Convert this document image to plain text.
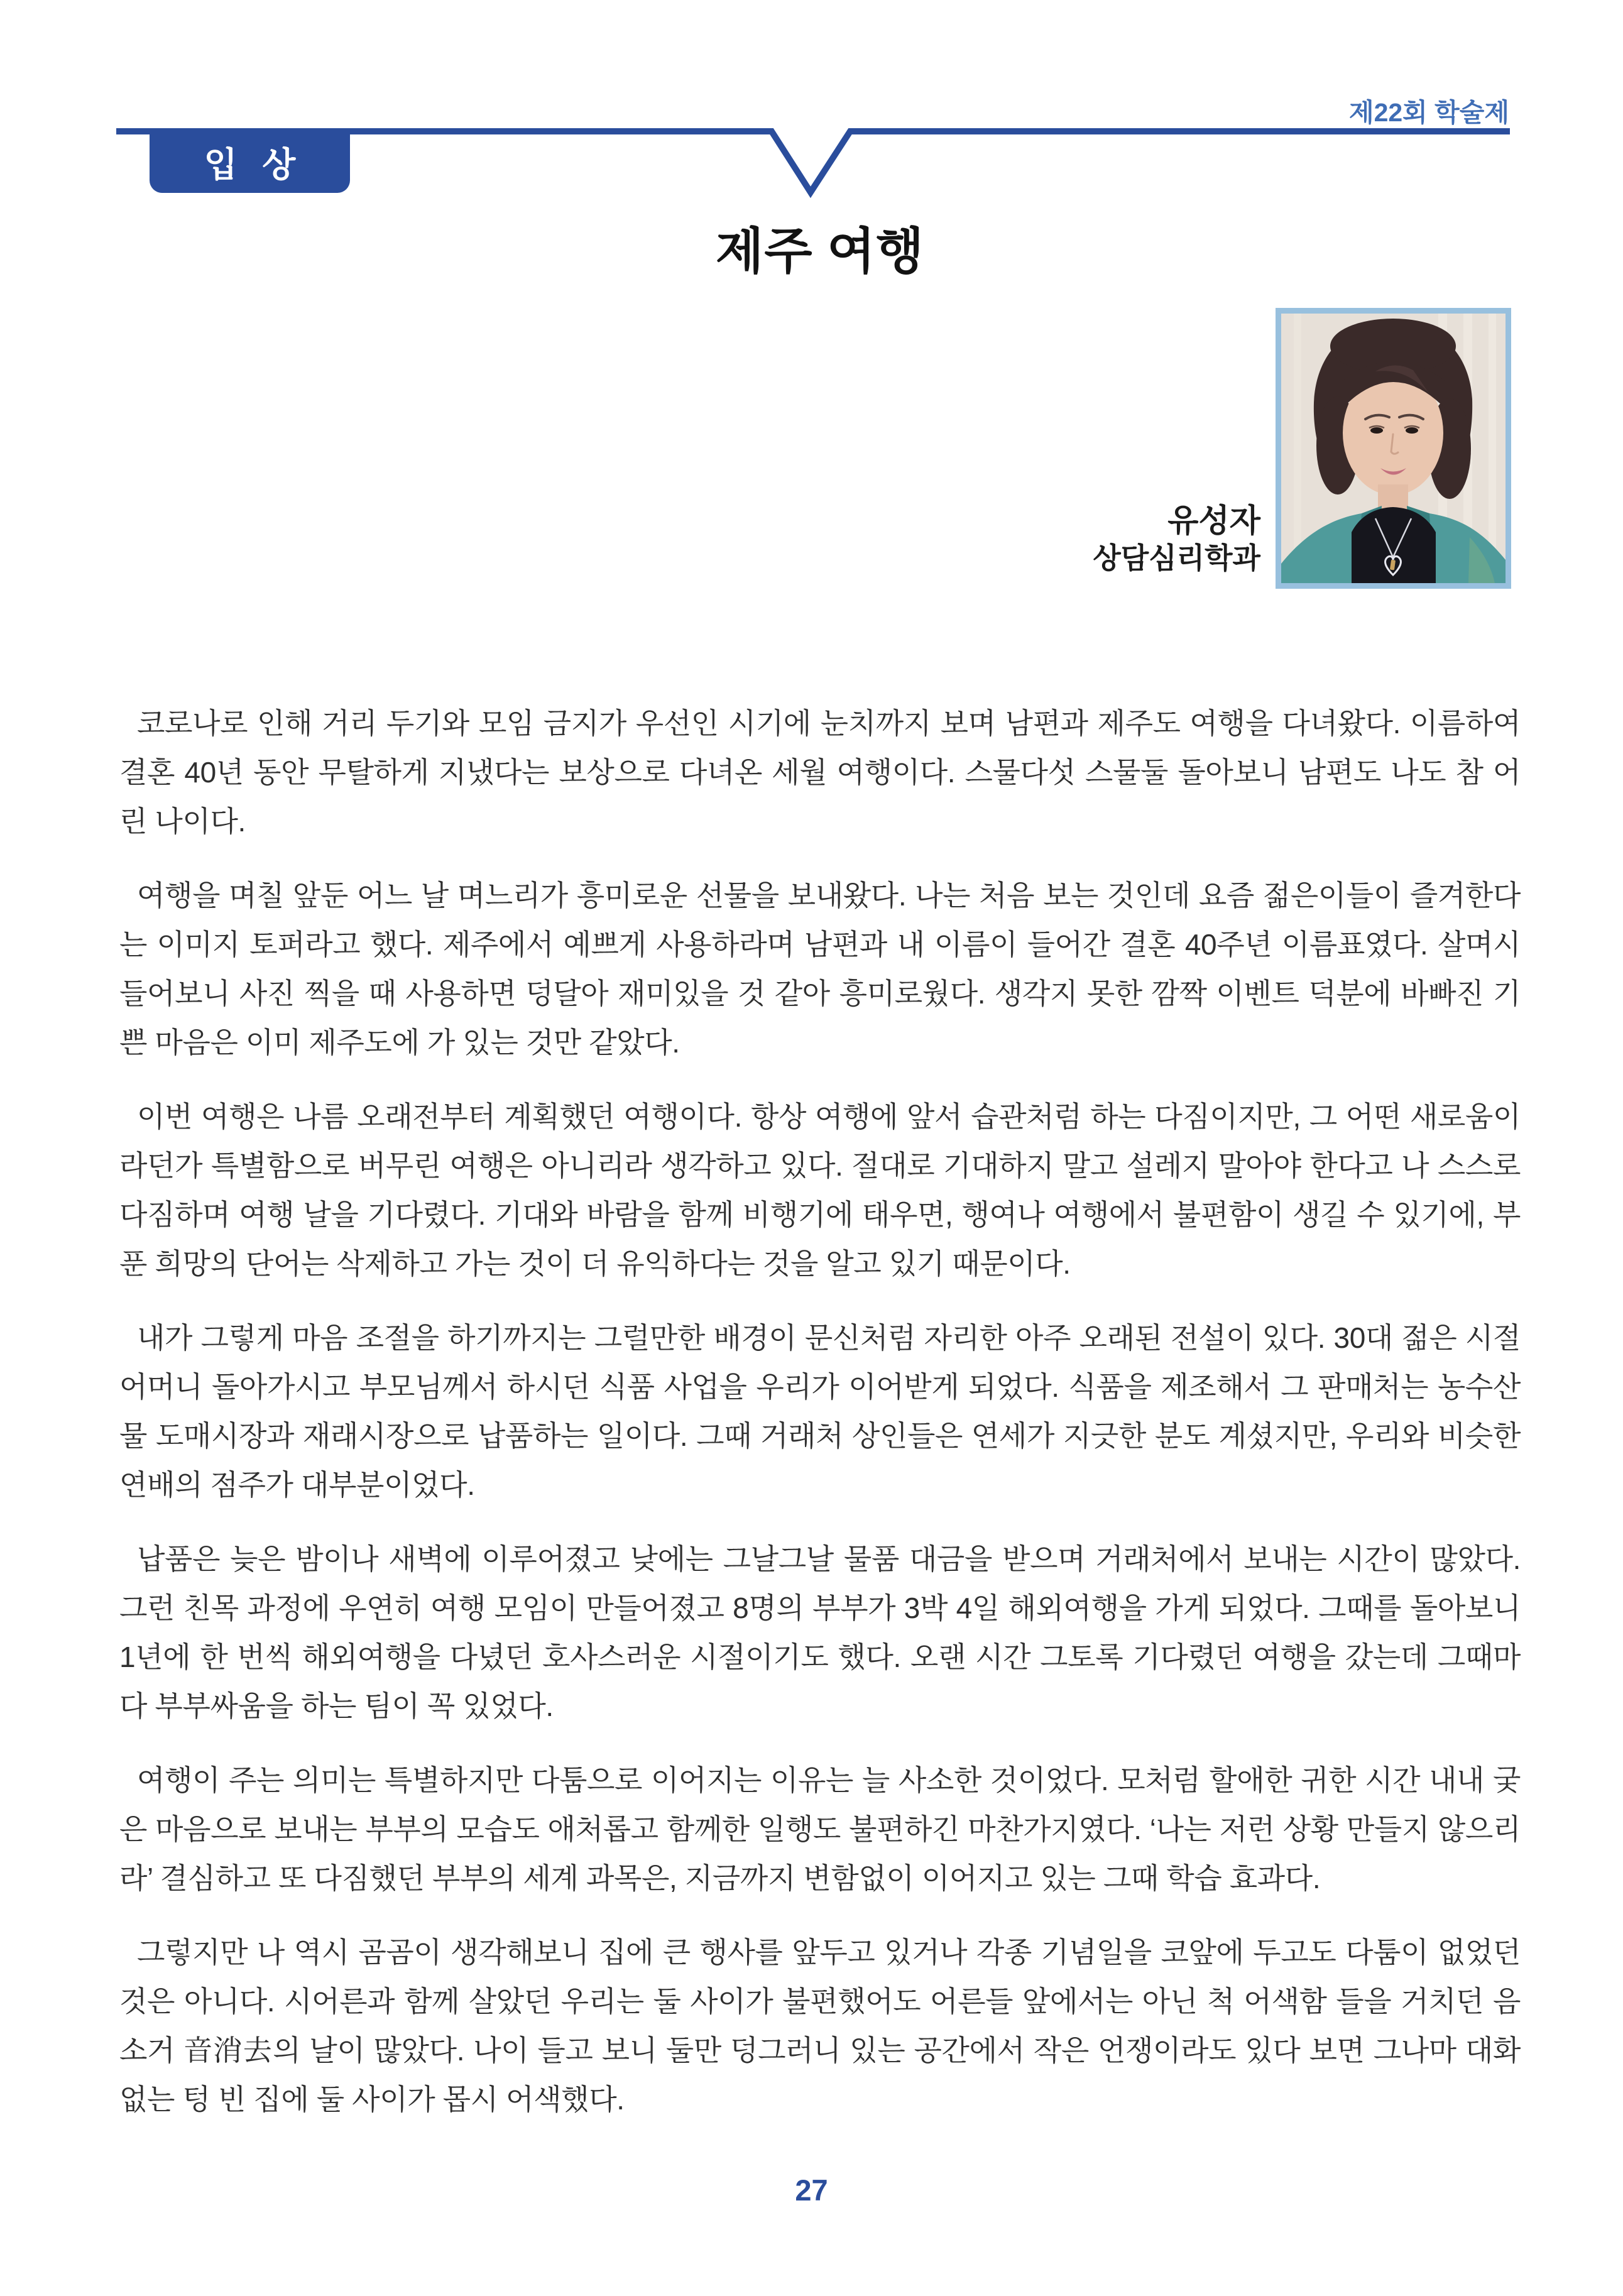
제22회 학술제
입 상
제주 여행
유성자
상담심리학과

코로나로 인해 거리 두기와 모임 금지가 우선인 시기에 눈치까지 보며 남편과 제주도 여행을 다녀왔다. 이름하여 결혼 40년 동안 무탈하게 지냈다는 보상으로 다녀온 세월 여행이다. 스물다섯 스물둘 돌아보니 남편도 나도 참 어린 나이다.

여행을 며칠 앞둔 어느 날 며느리가 흥미로운 선물을 보내왔다. 나는 처음 보는 것인데 요즘 젊은이들이 즐겨한다는 이미지 토퍼라고 했다. 제주에서 예쁘게 사용하라며 남편과 내 이름이 들어간 결혼 40주년 이름표였다. 살며시 들어보니 사진 찍을 때 사용하면 덩달아 재미있을 것 같아 흥미로웠다. 생각지 못한 깜짝 이벤트 덕분에 바빠진 기쁜 마음은 이미 제주도에 가 있는 것만 같았다.

이번 여행은 나름 오래전부터 계획했던 여행이다. 항상 여행에 앞서 습관처럼 하는 다짐이지만, 그 어떤 새로움이라던가 특별함으로 버무린 여행은 아니리라 생각하고 있다. 절대로 기대하지 말고 설레지 말아야 한다고 나 스스로 다짐하며 여행 날을 기다렸다. 기대와 바람을 함께 비행기에 태우면, 행여나 여행에서 불편함이 생길 수 있기에, 부푼 희망의 단어는 삭제하고 가는 것이 더 유익하다는 것을 알고 있기 때문이다.

내가 그렇게 마음 조절을 하기까지는 그럴만한 배경이 문신처럼 자리한 아주 오래된 전설이 있다. 30대 젊은 시절 어머니 돌아가시고 부모님께서 하시던 식품 사업을 우리가 이어받게 되었다. 식품을 제조해서 그 판매처는 농수산물 도매시장과 재래시장으로 납품하는 일이다. 그때 거래처 상인들은 연세가 지긋한 분도 계셨지만, 우리와 비슷한 연배의 점주가 대부분이었다.

납품은 늦은 밤이나 새벽에 이루어졌고 낮에는 그날그날 물품 대금을 받으며 거래처에서 보내는 시간이 많았다. 그런 친목 과정에 우연히 여행 모임이 만들어졌고 8명의 부부가 3박 4일 해외여행을 가게 되었다. 그때를 돌아보니 1년에 한 번씩 해외여행을 다녔던 호사스러운 시절이기도 했다. 오랜 시간 그토록 기다렸던 여행을 갔는데 그때마다 부부싸움을 하는 팀이 꼭 있었다.

여행이 주는 의미는 특별하지만 다툼으로 이어지는 이유는 늘 사소한 것이었다. 모처럼 할애한 귀한 시간 내내 궂은 마음으로 보내는 부부의 모습도 애처롭고 함께한 일행도 불편하긴 마찬가지였다. ‘나는 저런 상황 만들지 않으리라’ 결심하고 또 다짐했던 부부의 세계 과목은, 지금까지 변함없이 이어지고 있는 그때 학습 효과다.

그렇지만 나 역시 곰곰이 생각해보니 집에 큰 행사를 앞두고 있거나 각종 기념일을 코앞에 두고도 다툼이 없었던 것은 아니다. 시어른과 함께 살았던 우리는 둘 사이가 불편했어도 어른들 앞에서는 아닌 척 어색함 들을 거치던 음소거 音消去의 날이 많았다. 나이 들고 보니 둘만 덩그러니 있는 공간에서 작은 언쟁이라도 있다 보면 그나마 대화 없는 텅 빈 집에 둘 사이가 몹시 어색했다.

27
